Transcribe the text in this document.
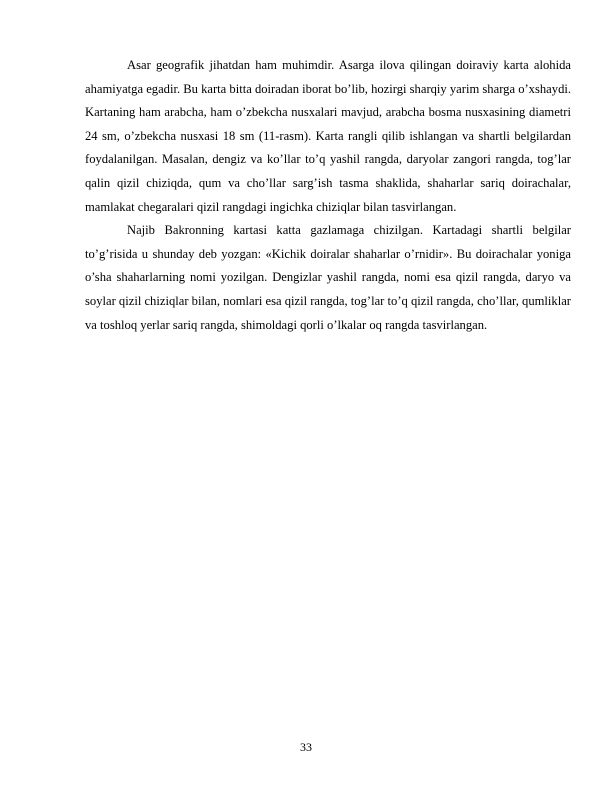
Asar geografik jihatdan ham muhimdir. Asarga ilova qilingan doiraviy karta alohida ahamiyatga egadir. Bu karta bitta doiradan iborat bo’lib, hozirgi sharqiy yarim sharga o’xshaydi. Kartaning ham arabcha, ham o’zbekcha nusxalari mavjud, arabcha bosma nusxasining diametri 24 sm, o’zbekcha nusxasi 18 sm (11-rasm). Karta rangli qilib ishlangan va shartli belgilardan foydalanilgan. Masalan, dengiz va ko’llar to’q yashil rangda, daryolar zangori rangda, tog’lar qalin qizil chiziqda, qum va cho’llar sarg’ish tasma shaklida, shaharlar sariq doirachalar, mamlakat chegaralari qizil rangdagi ingichka chiziqlar bilan tasvirlangan.

Najib Bakronning kartasi katta gazlamaga chizilgan. Kartadagi shartli belgilar to’g’risida u shunday deb yozgan: «Kichik doiralar shaharlar o’rnidir». Bu doirachalar yoniga o’sha shaharlarning nomi yozilgan. Dengizlar yashil rangda, nomi esa qizil rangda, daryo va soylar qizil chiziqlar bilan, nomlari esa qizil rangda, tog’lar to’q qizil rangda, cho’llar, qumliklar va toshloq yerlar sariq rangda, shimoldagi qorli o’lkalar oq rangda tasvirlangan.

33
